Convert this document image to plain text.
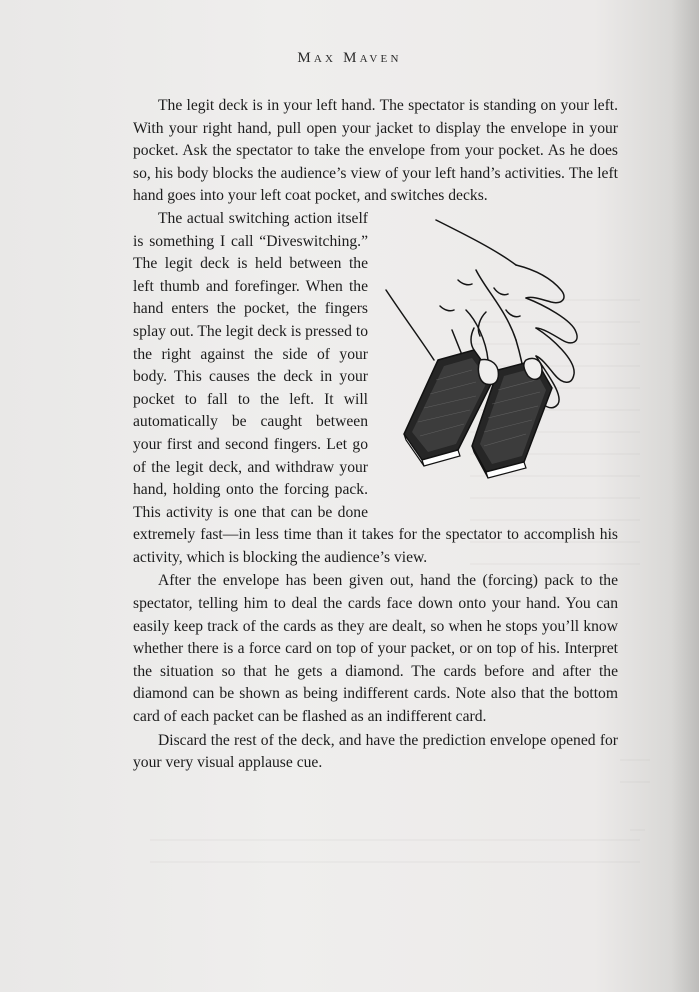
Max Maven

The legit deck is in your left hand. The spectator is standing on your left. With your right hand, pull open your jacket to display the envelope in your pocket. Ask the spectator to take the envelope from your pocket. As he does so, his body blocks the audience’s view of your left hand’s activities. The left hand goes into your left coat pocket, and switches decks.

The actual switching action itself is something I call “Diveswitching.” The legit deck is held between the left thumb and forefinger. When the hand enters the pocket, the fingers splay out. The legit deck is pressed to the right against the side of your body. This causes the deck in your pocket to fall to the left. It will automatically be caught between your first and second fingers. Let go of the legit deck, and withdraw your hand, holding onto the forcing pack. This activity is one that can be done extremely fast—in less time than it takes for the spectator to accomplish his activity, which is blocking the audience’s view.

After the envelope has been given out, hand the (forcing) pack to the spectator, telling him to deal the cards face down onto your hand. You can easily keep track of the cards as they are dealt, so when he stops you’ll know whether there is a force card on top of your packet, or on top of his. Interpret the situation so that he gets a diamond. The cards before and after the diamond can be shown as being indifferent cards. Note also that the bottom card of each packet can be flashed as an indifferent card.

Discard the rest of the deck, and have the prediction envelope opened for your very visual applause cue.
